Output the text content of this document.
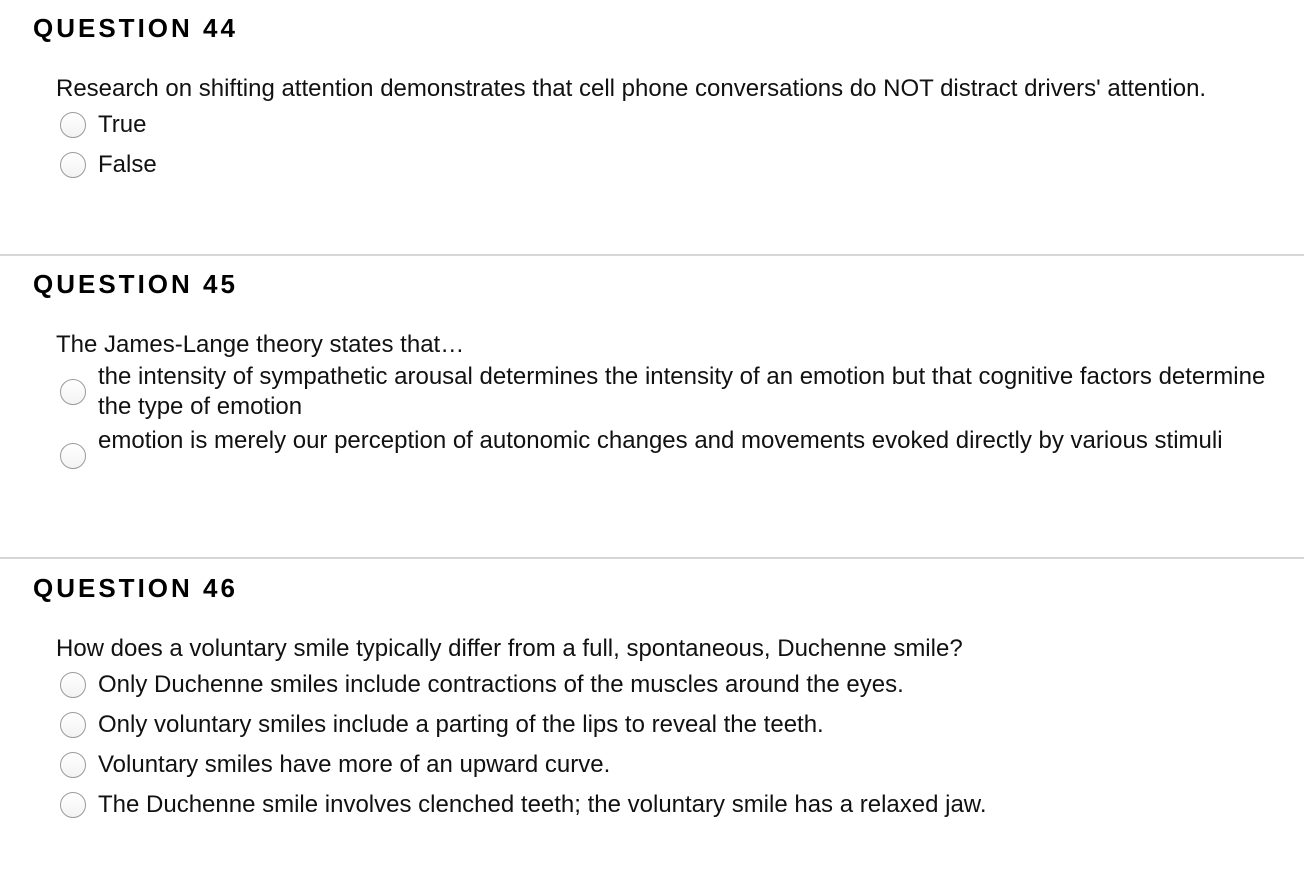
QUESTION 44
Research on shifting attention demonstrates that cell phone conversations do NOT distract drivers' attention.
True
False
QUESTION 45
The James-Lange theory states that…
the intensity of sympathetic arousal determines the intensity of an emotion but that cognitive factors determine the type of emotion
emotion is merely our perception of autonomic changes and movements evoked directly by various stimuli
QUESTION 46
How does a voluntary smile typically differ from a full, spontaneous, Duchenne smile?
Only Duchenne smiles include contractions of the muscles around the eyes.
Only voluntary smiles include a parting of the lips to reveal the teeth.
Voluntary smiles have more of an upward curve.
The Duchenne smile involves clenched teeth; the voluntary smile has a relaxed jaw.
